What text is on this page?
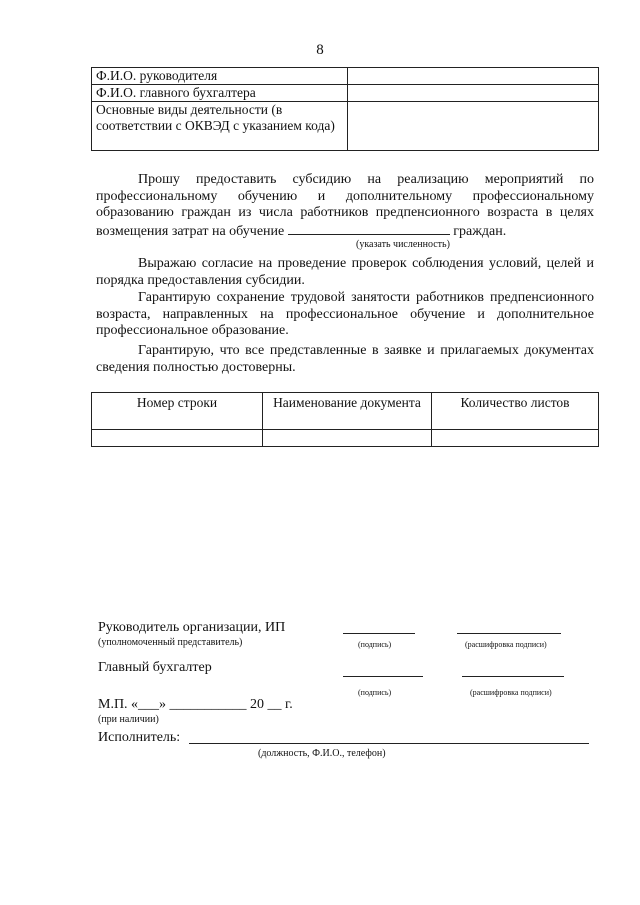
8
Ф.И.О. руководителя	
Ф.И.О. главного бухгалтера	
Основные виды деятельности (в соответствии с ОКВЭД с указанием кода)	
Прошу предоставить субсидию на реализацию мероприятий по профессиональному обучению и дополнительному профессиональному образованию граждан из числа работников предпенсионного возраста в целях возмещения затрат на обучение	граждан.
(указать численность)
Выражаю согласие на проведение проверок соблюдения условий, целей и порядка предоставления субсидии.
Гарантирую сохранение трудовой занятости работников предпенсионного возраста, направленных на профессиональное обучение и дополнительное профессиональное образование.
Гарантирую, что все представленные в заявке и прилагаемых документах сведения полностью достоверны.
Номер строки	Наименование документа	Количество листов

Руководитель организации, ИП
(уполномоченный представитель)	(подпись)	(расшифровка подписи)
Главный бухгалтер
(подпись)	(расшифровка подписи)
М.П. «___» ___________ 20 __ г.
(при наличии)
Исполнитель:
(должность, Ф.И.О., телефон)
